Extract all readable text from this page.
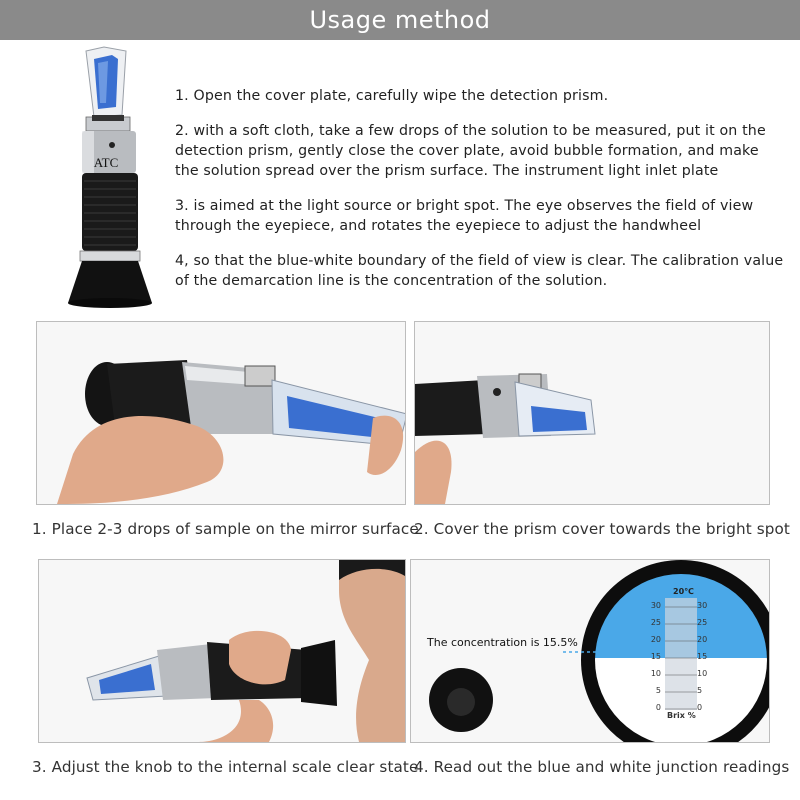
Usage method
ATC

1. Open the cover plate, carefully wipe the detection prism.

2. with a soft cloth, take a few drops of the solution to be measured, put it on the detection prism, gently close the cover plate, avoid bubble formation, and make the solution spread over the prism surface. The instrument light inlet plate

3. is aimed at the light source or bright spot. The eye observes the field of view through the eyepiece, and rotates the eyepiece to adjust the handwheel

4, so that the blue-white boundary of the field of view is clear. The calibration value of the demarcation line is the concentration of the solution.

1. Place 2-3 drops of sample on the mirror surface
2. Cover the prism cover towards the bright spot
3. Adjust the knob to the internal scale clear state
The concentration is 15.5%
20℃
Brix %
30	30
25	25
20	20
15	15
10	10
5	5
0	0
4. Read out the blue and white junction readings
